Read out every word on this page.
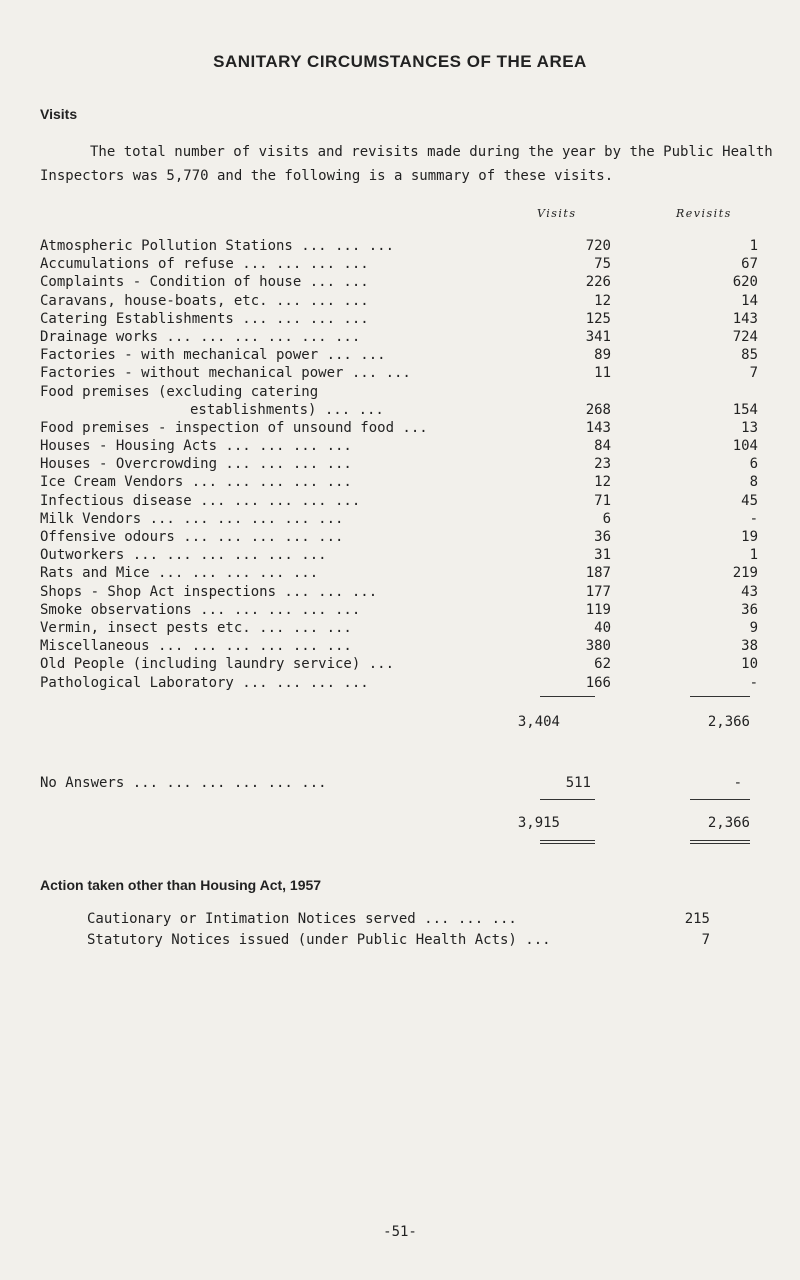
SANITARY CIRCUMSTANCES OF THE AREA
Visits
The total number of visits and revisits made during the year by the Public Health Inspectors was 5,770 and the following is a summary of these visits.
Visits	Revisits
Atmospheric Pollution Stations ... ... ...	720	1
Accumulations of refuse ... ... ... ...	75	67
Complaints - Condition of house ... ...	226	620
Caravans, house-boats, etc. ... ... ...	12	14
Catering Establishments ... ... ... ...	125	143
Drainage works ... ... ... ... ... ...	341	724
Factories - with mechanical power ... ...	89	85
Factories - without mechanical power ... ...	11	7
Food premises (excluding catering
establishments) ... ...	268	154
Food premises - inspection of unsound food ...	143	13
Houses - Housing Acts ... ... ... ...	84	104
Houses - Overcrowding ... ... ... ...	23	6
Ice Cream Vendors ... ... ... ... ...	12	8
Infectious disease ... ... ... ... ...	71	45
Milk Vendors ... ... ... ... ... ...	6	-
Offensive odours ... ... ... ... ...	36	19
Outworkers ... ... ... ... ... ...	31	1
Rats and Mice ... ... ... ... ...	187	219
Shops - Shop Act inspections ... ... ...	177	43
Smoke observations ... ... ... ... ...	119	36
Vermin, insect pests etc. ... ... ...	40	9
Miscellaneous ... ... ... ... ... ...	380	38
Old People (including laundry service) ...	62	10
Pathological Laboratory ... ... ... ...	166	-
3,404	2,366
No Answers ... ... ... ... ... ...	511	-
3,915	2,366
Action taken other than Housing Act, 1957
Cautionary or Intimation Notices served ... ... ...	215
Statutory Notices issued (under Public Health Acts) ...	7
-51-
